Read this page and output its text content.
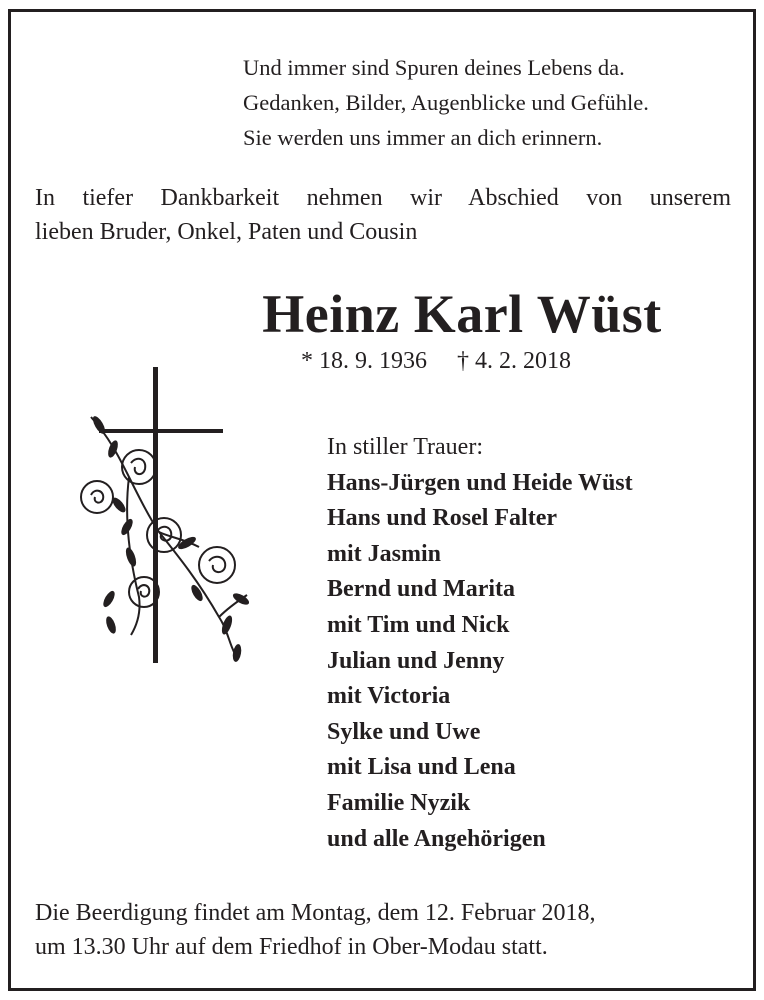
Und immer sind Spuren deines Lebens da.
Gedanken, Bilder, Augenblicke und Gefühle.
Sie werden uns immer an dich erinnern.
In tiefer Dankbarkeit nehmen wir Abschied von unserem
lieben Bruder, Onkel, Paten und Cousin
Heinz Karl Wüst
* 18. 9. 1936 † 4. 2. 2018
In stiller Trauer:
Hans-Jürgen und Heide Wüst
Hans und Rosel Falter
mit Jasmin
Bernd und Marita
mit Tim und Nick
Julian und Jenny
mit Victoria
Sylke und Uwe
mit Lisa und Lena
Familie Nyzik
und alle Angehörigen
Die Beerdigung findet am Montag, dem 12. Februar 2018,
um 13.30 Uhr auf dem Friedhof in Ober-Modau statt.
